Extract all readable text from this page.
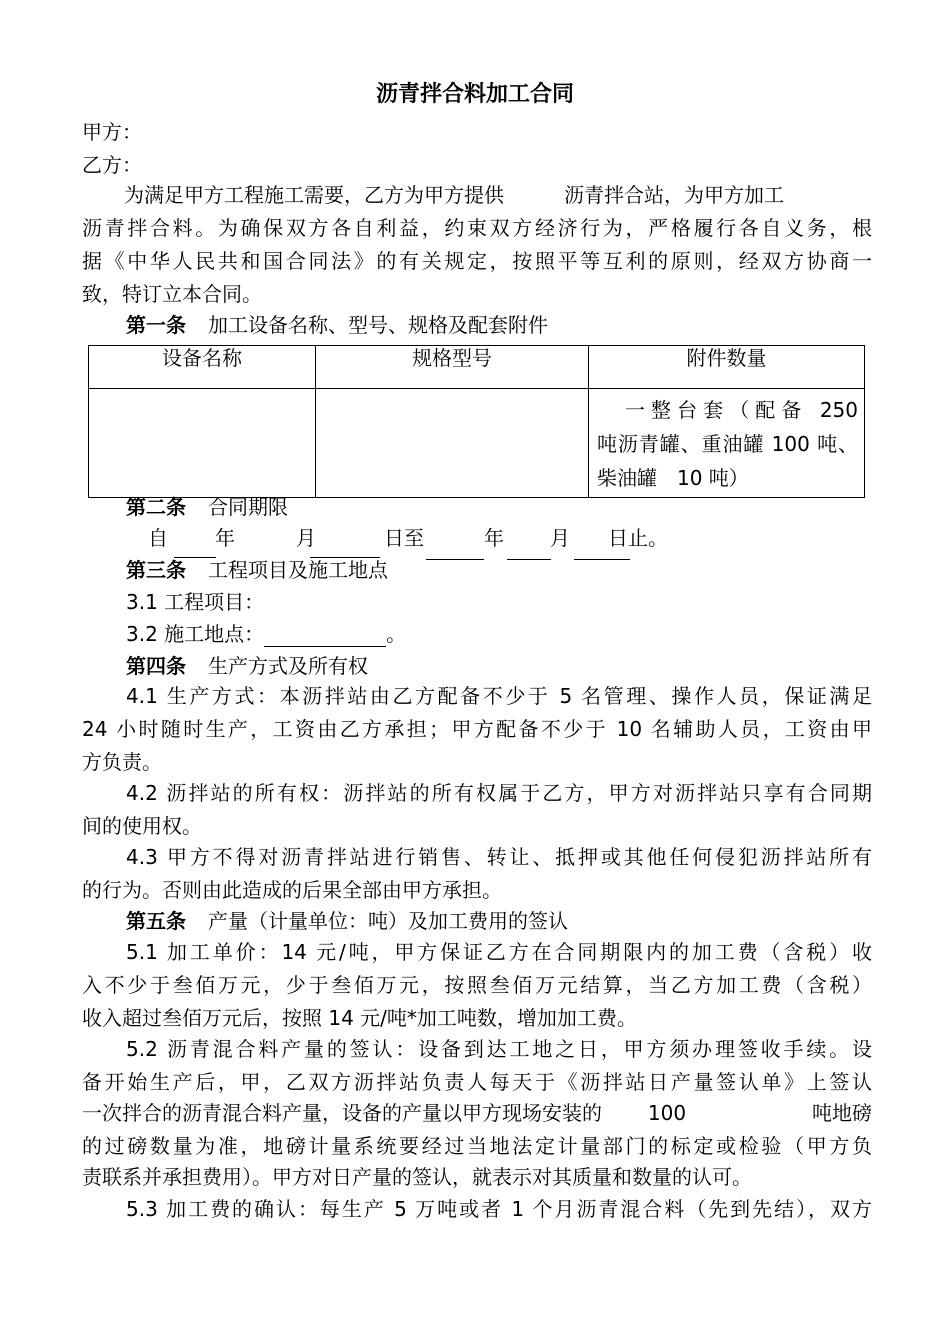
沥青拌合料加工合同
甲方：
乙方：
为满足甲方工程施工需要，乙方为甲方提供	沥青拌合站，为甲方加工
沥青拌合料。为确保双方各自利益，约束双方经济行为，严格履行各自义务，根
据《中华人民共和国合同法》的有关规定，按照平等互利的原则，经双方协商一
致，特订立本合同。
第一条 加工设备名称、型号、规格及配套附件
设备名称	规格型号	附件数量

		一整台套（配备 250
吨沥青罐、重油罐 100 吨、
柴油罐　10 吨）
第二条 合同期限
自 年	月	日至	年 月 日止。
第三条 工程项目及施工地点
3.1 工程项目：
3.2 施工地点：	。
第四条 生产方式及所有权
4.1 生产方式：本沥拌站由乙方配备不少于 5 名管理、操作人员，保证满足
24 小时随时生产，工资由乙方承担；甲方配备不少于 10 名辅助人员，工资由甲
方负责。
4.2 沥拌站的所有权：沥拌站的所有权属于乙方，甲方对沥拌站只享有合同期
间的使用权。
4.3 甲方不得对沥青拌站进行销售、转让、抵押或其他任何侵犯沥拌站所有
的行为。否则由此造成的后果全部由甲方承担。
第五条 产量（计量单位：吨）及加工费用的签认
5.1 加工单价：14 元/吨，甲方保证乙方在合同期限内的加工费（含税）收
入不少于叁佰万元，少于叁佰万元，按照叁佰万元结算，当乙方加工费（含税）
收入超过叁佰万元后，按照 14 元/吨*加工吨数，增加加工费。
5.2 沥青混合料产量的签认：设备到达工地之日，甲方须办理签收手续。设
备开始生产后，甲，乙双方沥拌站负责人每天于《沥拌站日产量签认单》上签认
一次拌合的沥青混合料产量，设备的产量以甲方现场安装的 100	吨地磅
的过磅数量为准，地磅计量系统要经过当地法定计量部门的标定或检验（甲方负
责联系并承担费用）。甲方对日产量的签认，就表示对其质量和数量的认可。
5.3 加工费的确认：每生产 5 万吨或者 1 个月沥青混合料（先到先结），双方
